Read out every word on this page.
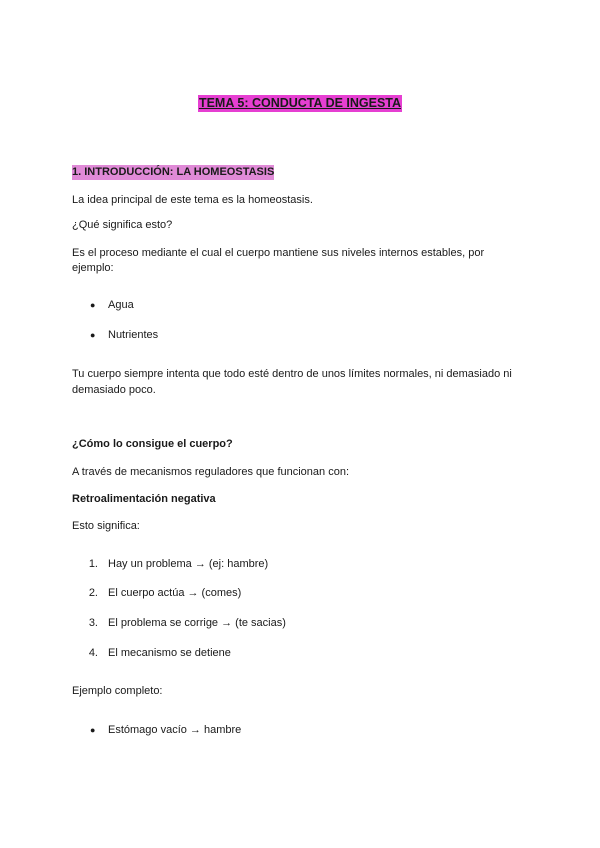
TEMA 5: CONDUCTA DE INGESTA
1. INTRODUCCIÓN: LA HOMEOSTASIS
La idea principal de este tema es la homeostasis.
¿Qué significa esto?
Es el proceso mediante el cual el cuerpo mantiene sus niveles internos estables, por
ejemplo:
● Agua
● Nutrientes
Tu cuerpo siempre intenta que todo esté dentro de unos límites normales, ni demasiado ni
demasiado poco.
¿Cómo lo consigue el cuerpo?
A través de mecanismos reguladores que funcionan con:
Retroalimentación negativa
Esto significa:
1. Hay un problema → (ej: hambre)
2. El cuerpo actúa → (comes)
3. El problema se corrige → (te sacias)
4. El mecanismo se detiene
Ejemplo completo:
● Estómago vacío → hambre
